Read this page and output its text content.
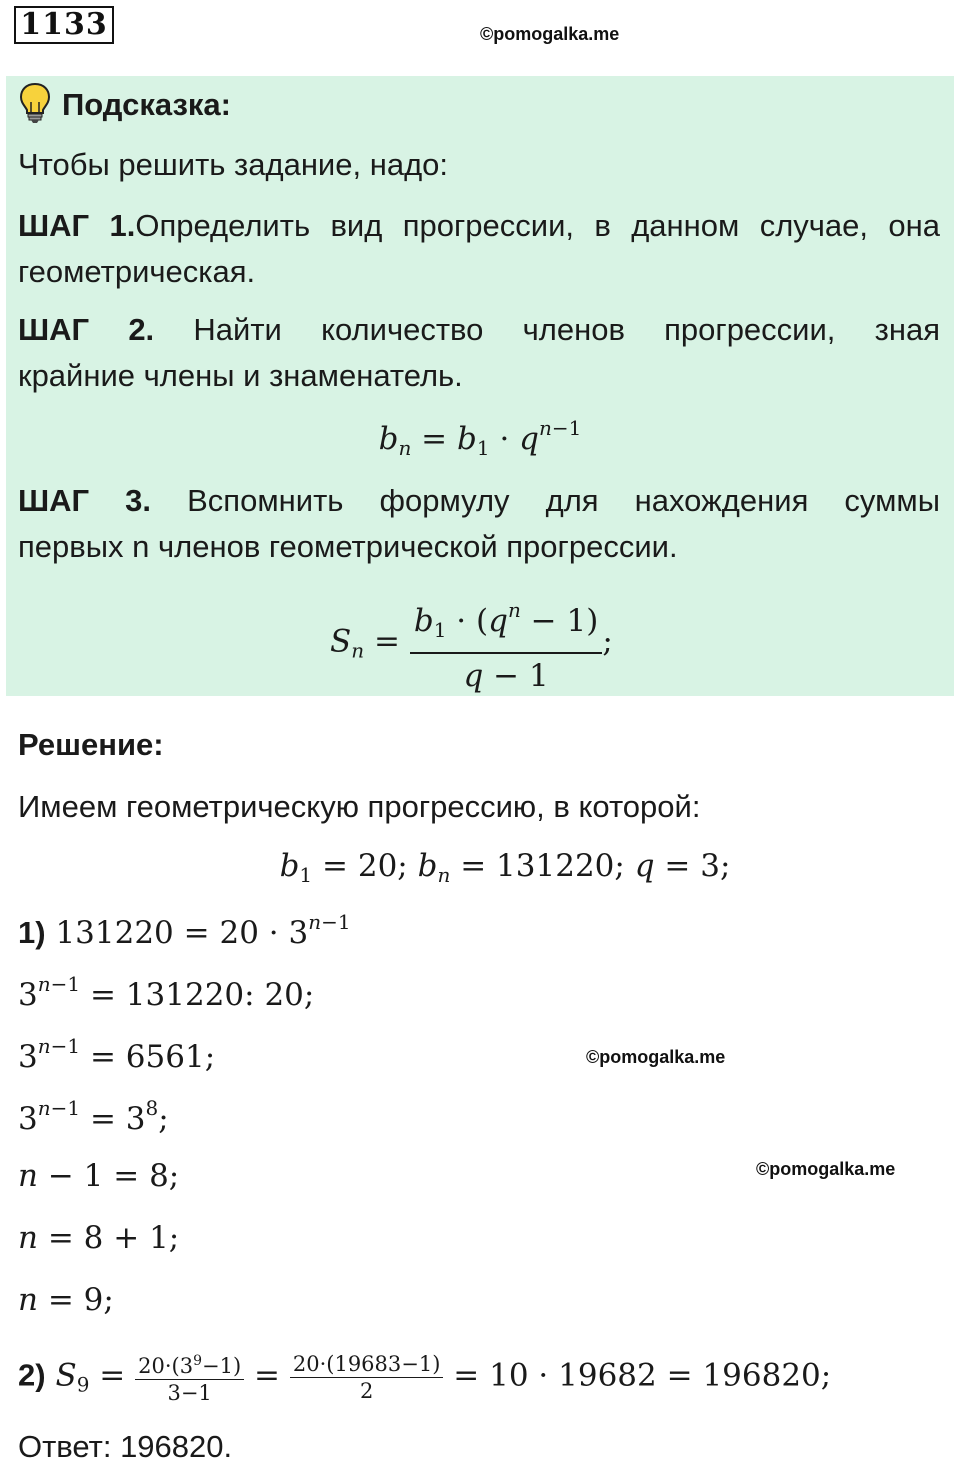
1133	©pomogalka.me
Подсказка:
Чтобы решить задание, надо:
ШАГ 1.Определить вид прогрессии, в данном случае, она
геометрическая.
ШАГ 2. Найти количество членов прогрессии, зная
крайние члены и знаменатель.
$b_n = b_1 \cdot q^{n-1}$
ШАГ 3. Вспомнить формулу для нахождения суммы
первых n членов геометрической прогрессии.
$S_n = \frac{b_1 \cdot (q^n - 1)}{q - 1}$ ;
Решение:
Имеем геометрическую прогрессию, в которой:
$b_1 = 20$; $b_n = 131220$; q = 3;
1) $131220 = 20 \cdot 3^{n-1}$
$3^{n-1} = 131220$: 20;
$3^{n-1} = 6561$;	©pomogalka.me
$3^{n-1} = 3^8$;
©pomogalka.me
n − 1 = 8;
n = 8 + 1;
n = 9;
2) $S_9 = \frac{20\cdot(3^9-1)}{3-1} = \frac{20\cdot(19683-1)}{2} = 10 \cdot 19682 = 196820$;
Ответ: 196820.
